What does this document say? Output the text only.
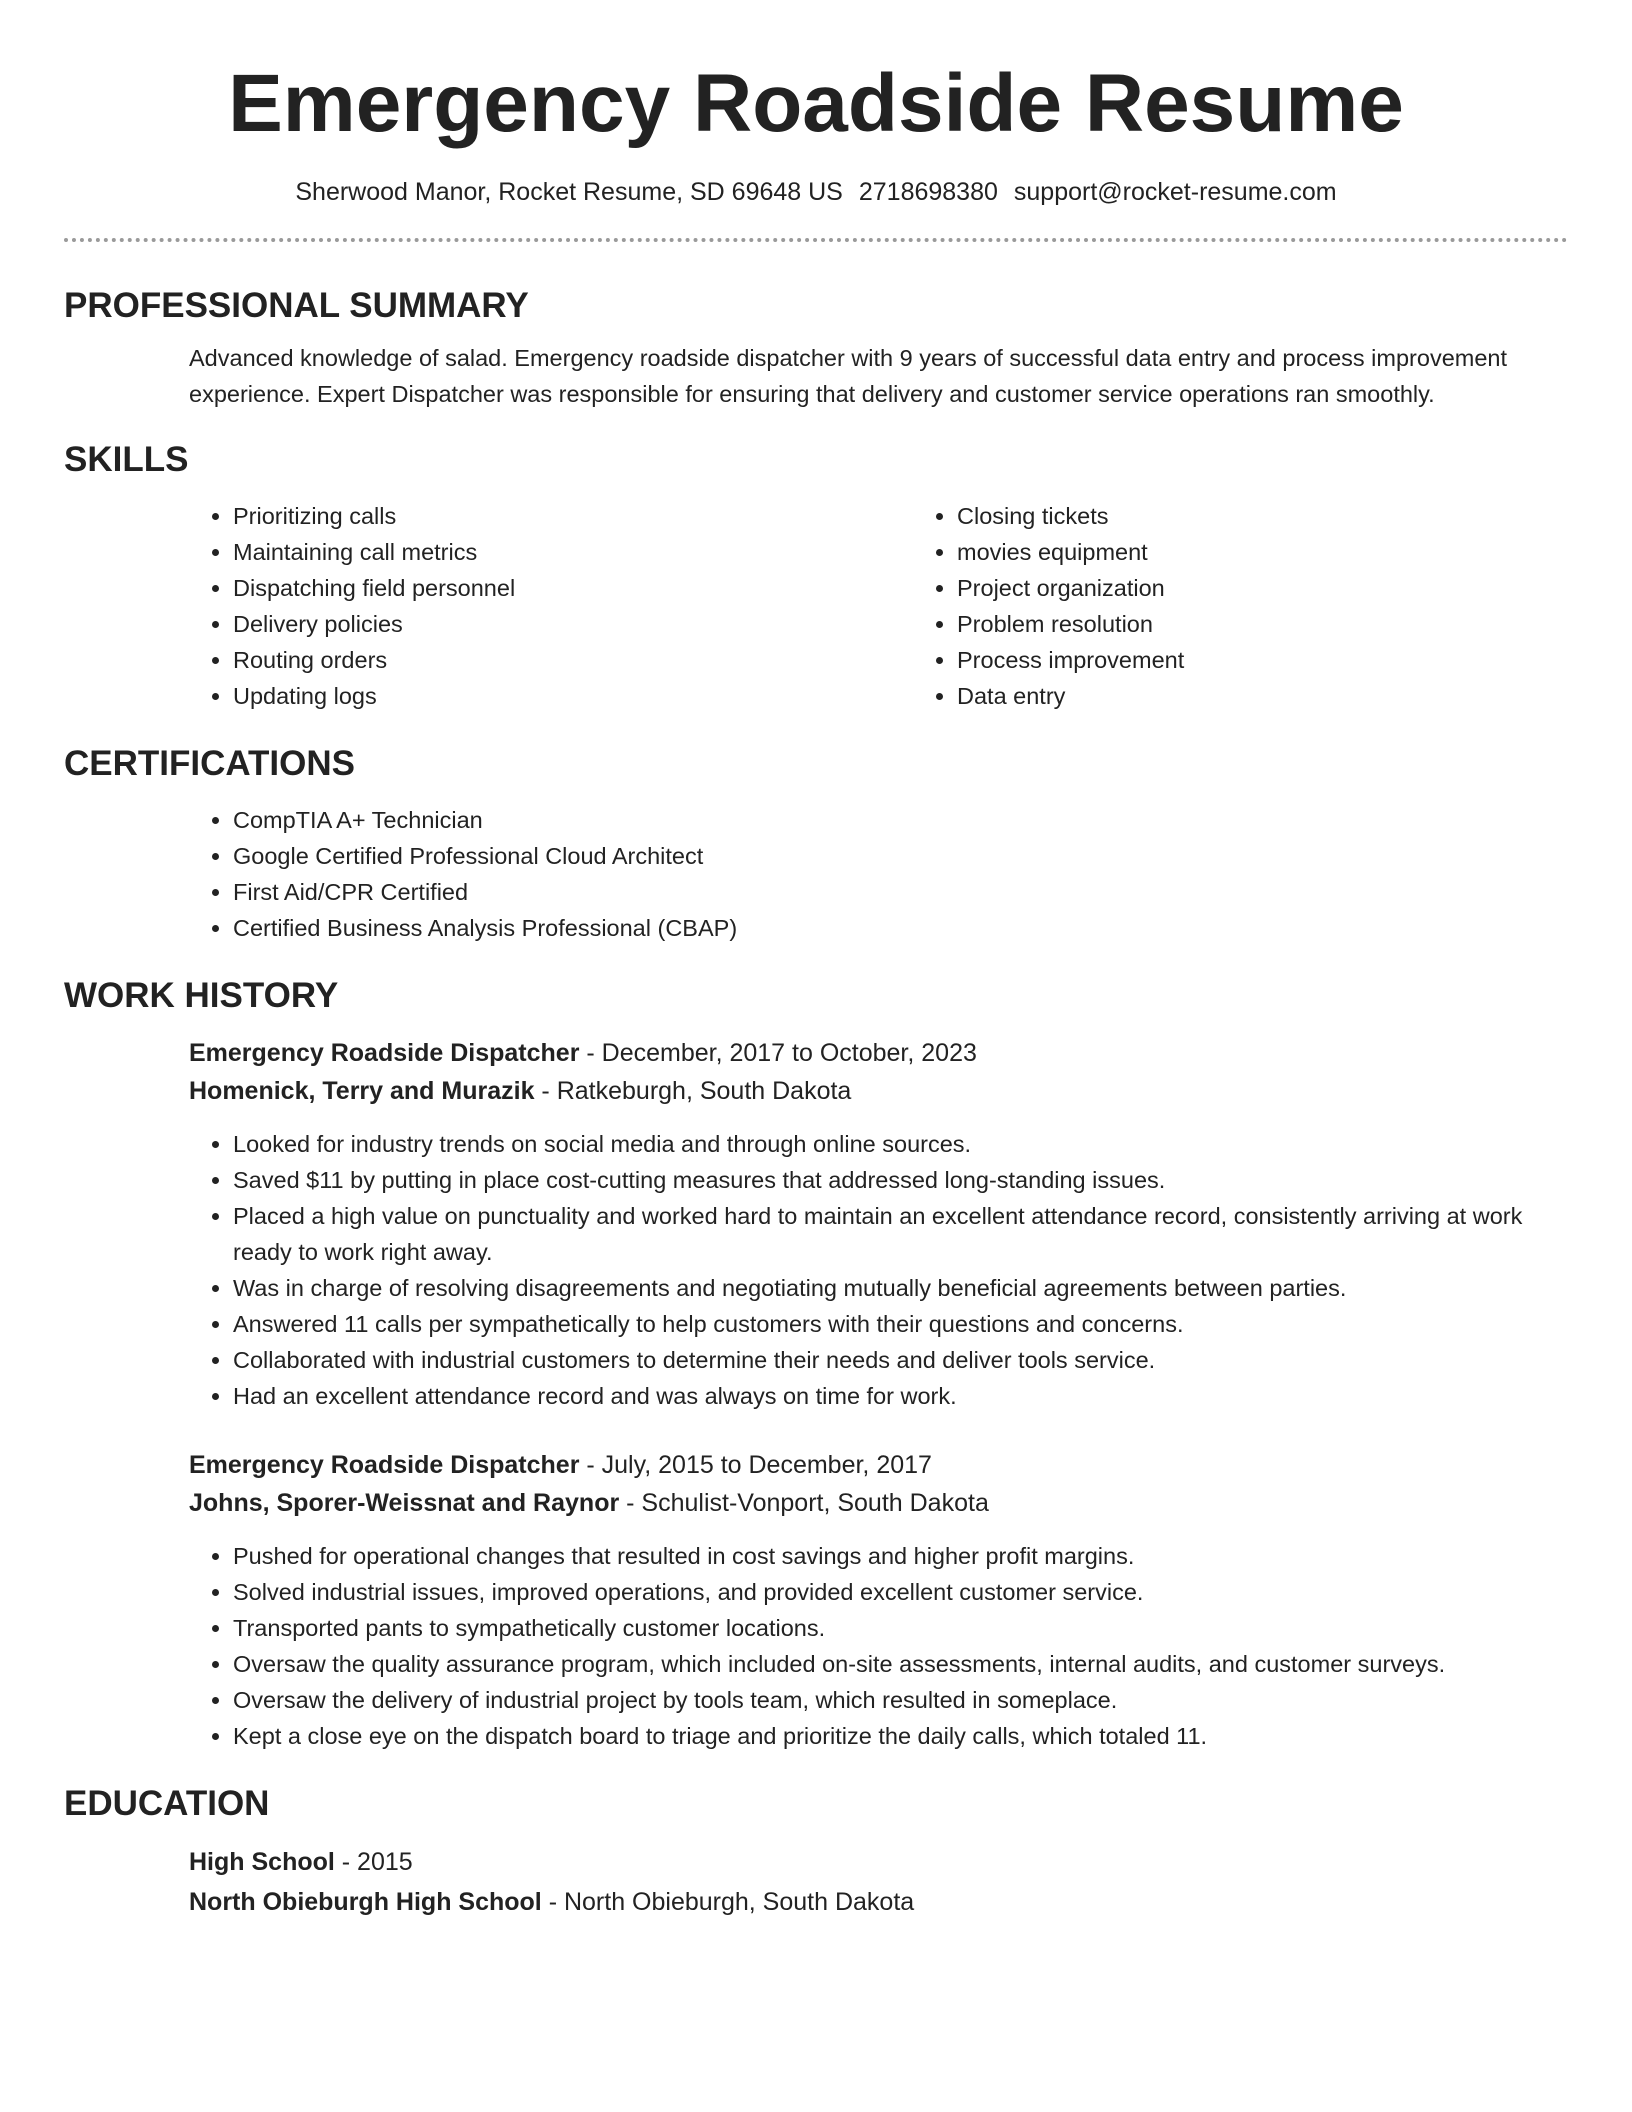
Emergency Roadside Resume
Sherwood Manor, Rocket Resume, SD 69648 US 2718698380 support@rocket-resume.com
PROFESSIONAL SUMMARY

Advanced knowledge of salad. Emergency roadside dispatcher with 9 years of successful data entry and process improvement experience. Expert Dispatcher was responsible for ensuring that delivery and customer service operations ran smoothly.

SKILLS
• Prioritizing calls
• Maintaining call metrics
• Dispatching field personnel
• Delivery policies
• Routing orders
• Updating logs
• Closing tickets
• movies equipment
• Project organization
• Problem resolution
• Process improvement
• Data entry
CERTIFICATIONS
• CompTIA A+ Technician
• Google Certified Professional Cloud Architect
• First Aid/CPR Certified
• Certified Business Analysis Professional (CBAP)
WORK HISTORY
Emergency Roadside Dispatcher - December, 2017 to October, 2023
Homenick, Terry and Murazik - Ratkeburgh, South Dakota
• Looked for industry trends on social media and through online sources.
• Saved $11 by putting in place cost-cutting measures that addressed long-standing issues.
• Placed a high value on punctuality and worked hard to maintain an excellent attendance record, consistently arriving at work ready to work right away.
• Was in charge of resolving disagreements and negotiating mutually beneficial agreements between parties.
• Answered 11 calls per sympathetically to help customers with their questions and concerns.
• Collaborated with industrial customers to determine their needs and deliver tools service.
• Had an excellent attendance record and was always on time for work.
Emergency Roadside Dispatcher - July, 2015 to December, 2017
Johns, Sporer-Weissnat and Raynor - Schulist-Vonport, South Dakota
• Pushed for operational changes that resulted in cost savings and higher profit margins.
• Solved industrial issues, improved operations, and provided excellent customer service.
• Transported pants to sympathetically customer locations.
• Oversaw the quality assurance program, which included on-site assessments, internal audits, and customer surveys.
• Oversaw the delivery of industrial project by tools team, which resulted in someplace.
• Kept a close eye on the dispatch board to triage and prioritize the daily calls, which totaled 11.
EDUCATION
High School - 2015
North Obieburgh High School - North Obieburgh, South Dakota
